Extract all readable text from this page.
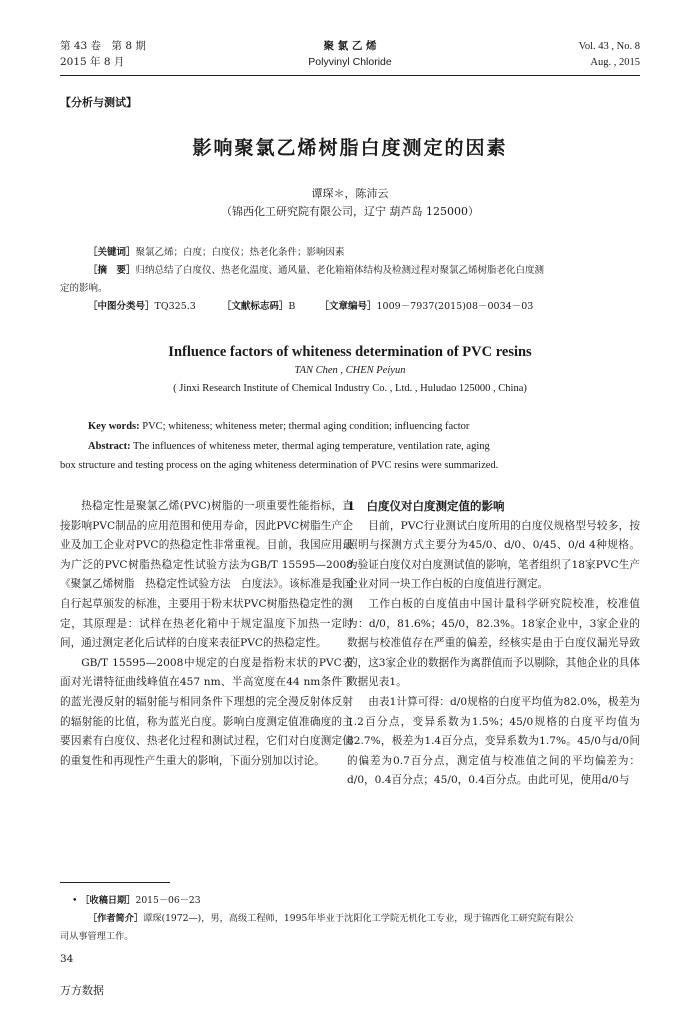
第 43 卷　第 8 期
2015 年 8 月
聚 氯 乙 烯
Polyvinyl Chloride
Vol. 43 , No. 8
Aug. , 2015
【分析与测试】
影响聚氯乙烯树脂白度测定的因素
谭琛＊，陈沛云
（锦西化工研究院有限公司，辽宁 葫芦岛 125000）
［关键词］聚氯乙烯；白度；白度仪；热老化条件；影响因素
［摘　要］归纳总结了白度仪、热老化温度、通风量、老化箱箱体结构及检测过程对聚氯乙烯树脂老化白度测
定的影响。
［中图分类号］TQ325.3	［文献标志码］B	［文章编号］1009－7937(2015)08－0034－03
Influence factors of whiteness determination of PVC resins
TAN Chen , CHEN Peiyun
( Jinxi Research Institute of Chemical Industry Co. , Ltd. , Huludao 125000 , China)
Key words: PVC; whiteness; whiteness meter; thermal aging condition; influencing factor
Abstract: The influences of whiteness meter, thermal aging temperature, ventilation rate, aging
box structure and testing process on the aging whiteness determination of PVC resins were summarized.

热稳定性是聚氯乙烯(PVC)树脂的一项重要性能指标，直接影响PVC制品的应用范围和使用寿命，因此PVC树脂生产企业及加工企业对PVC的热稳定性非常重视。目前，我国应用最为广泛的PVC树脂热稳定性试验方法为GB/T 15595—2008《聚氯乙烯树脂　热稳定性试验方法　白度法》。该标准是我国自行起草颁发的标准，主要用于粉末状PVC树脂热稳定性的测定，其原理是：试样在热老化箱中于规定温度下加热一定时间，通过测定老化后试样的白度来表征PVC的热稳定性。

GB/T 15595—2008中规定的白度是指粉末状的PVC表面对光谱特征曲线峰值在457 nm、半高宽度在44 nm条件下的蓝光漫反射的辐射能与相同条件下理想的完全漫反射体反射的辐射能的比值，称为蓝光白度。影响白度测定值准确度的主要因素有白度仪、热老化过程和测试过程，它们对白度测定值的重复性和再现性产生重大的影响，下面分别加以讨论。

1　白度仪对白度测定值的影响

目前，PVC行业测试白度所用的白度仪规格型号较多，按照明与探测方式主要分为45/0、d/0、0/45、0/d 4种规格。为验证白度仪对白度测试值的影响，笔者组织了18家PVC生产企业对同一块工作白板的白度值进行测定。

工作白板的白度值由中国计量科学研究院校准，校准值为：d/0，81.6%；45/0，82.3%。18家企业中，3家企业的数据与校准值存在严重的偏差，经核实是由于白度仪漏光导致的，这3家企业的数据作为离群值而予以剔除，其他企业的具体数据见表1。

由表1计算可得：d/0规格的白度平均值为82.0%，极差为1.2百分点，变异系数为1.5%；45/0规格的白度平均值为82.7%，极差为1.4百分点，变异系数为1.7%。45/0与d/0间的偏差为0.7百分点，测定值与校准值之间的平均偏差为：d/0，0.4百分点；45/0，0.4百分点。由此可见，使用d/0与

• ［收稿日期］2015－06－23
［作者简介］谭琛(1972—)，男，高级工程师，1995年毕业于沈阳化工学院无机化工专业，现于锦西化工研究院有限公
司从事管理工作。
34
万方数据
